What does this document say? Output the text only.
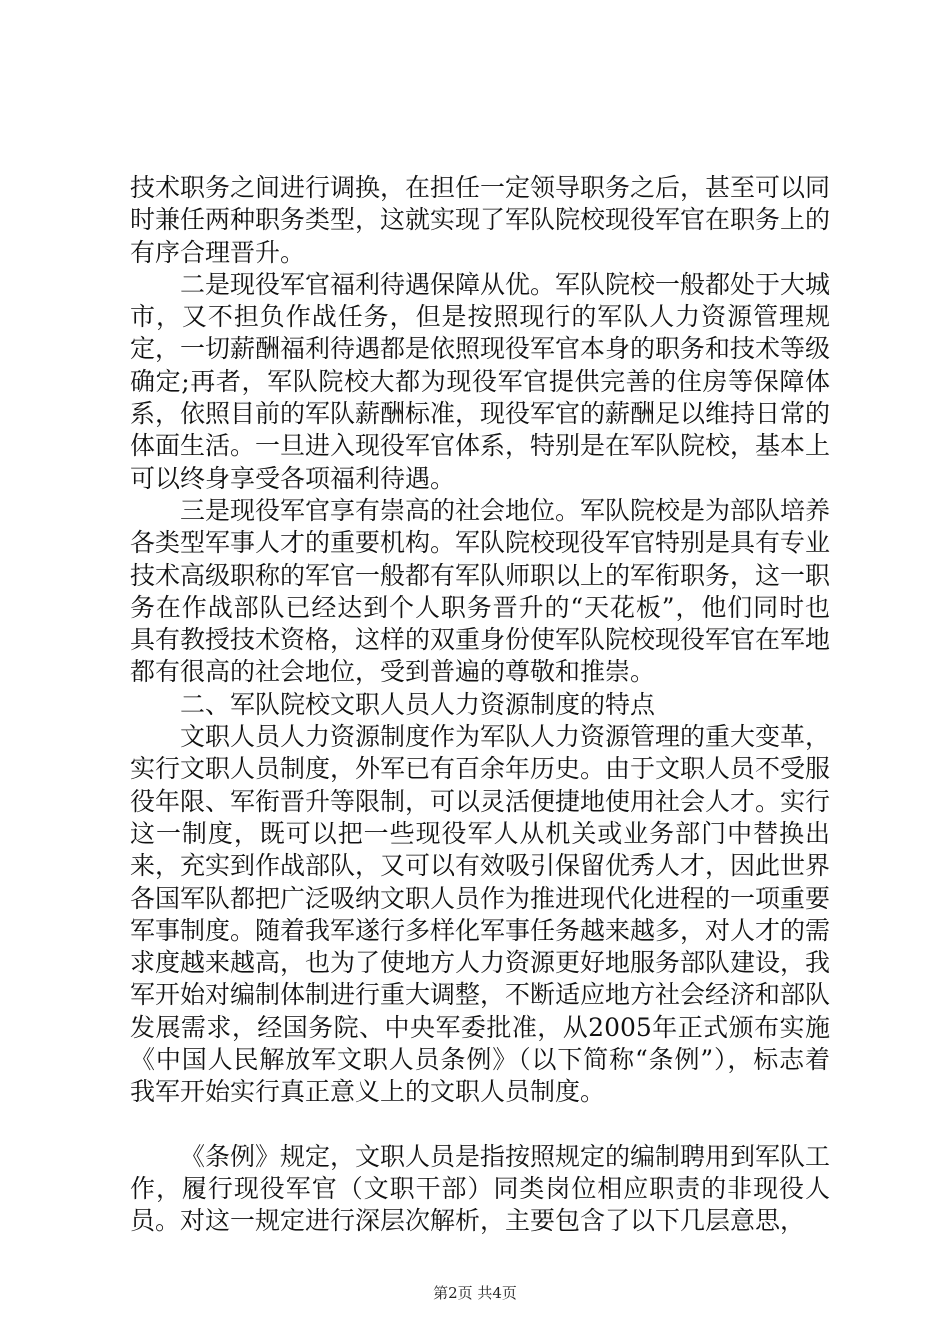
技术职务之间进行调换，在担任一定领导职务之后，甚至可以同时兼任两种职务类型，这就实现了军队院校现役军官在职务上的有序合理晋升。

二是现役军官福利待遇保障从优。军队院校一般都处于大城市，又不担负作战任务，但是按照现行的军队人力资源管理规定，一切薪酬福利待遇都是依照现役军官本身的职务和技术等级确定;再者，军队院校大都为现役军官提供完善的住房等保障体系，依照目前的军队薪酬标准，现役军官的薪酬足以维持日常的体面生活。一旦进入现役军官体系，特别是在军队院校，基本上可以终身享受各项福利待遇。

三是现役军官享有崇高的社会地位。军队院校是为部队培养各类型军事人才的重要机构。军队院校现役军官特别是具有专业技术高级职称的军官一般都有军队师职以上的军衔职务，这一职务在作战部队已经达到个人职务晋升的“天花板”，他们同时也具有教授技术资格，这样的双重身份使军队院校现役军官在军地都有很高的社会地位，受到普遍的尊敬和推崇。

二、军队院校文职人员人力资源制度的特点

文职人员人力资源制度作为军队人力资源管理的重大变革，实行文职人员制度，外军已有百余年历史。由于文职人员不受服役年限、军衔晋升等限制，可以灵活便捷地使用社会人才。实行这一制度，既可以把一些现役军人从机关或业务部门中替换出来，充实到作战部队，又可以有效吸引保留优秀人才，因此世界各国军队都把广泛吸纳文职人员作为推进现代化进程的一项重要军事制度。随着我军遂行多样化军事任务越来越多，对人才的需求度越来越高，也为了使地方人力资源更好地服务部队建设，我军开始对编制体制进行重大调整，不断适应地方社会经济和部队发展需求，经国务院、中央军委批准，从2005年正式颁布实施《中国人民解放军文职人员条例》（以下简称“条例”），标志着我军开始实行真正意义上的文职人员制度。

《条例》规定，文职人员是指按照规定的编制聘用到军队工作，履行现役军官（文职干部）同类岗位相应职责的非现役人员。对这一规定进行深层次解析，主要包含了以下几层意思，

第2页 共4页
